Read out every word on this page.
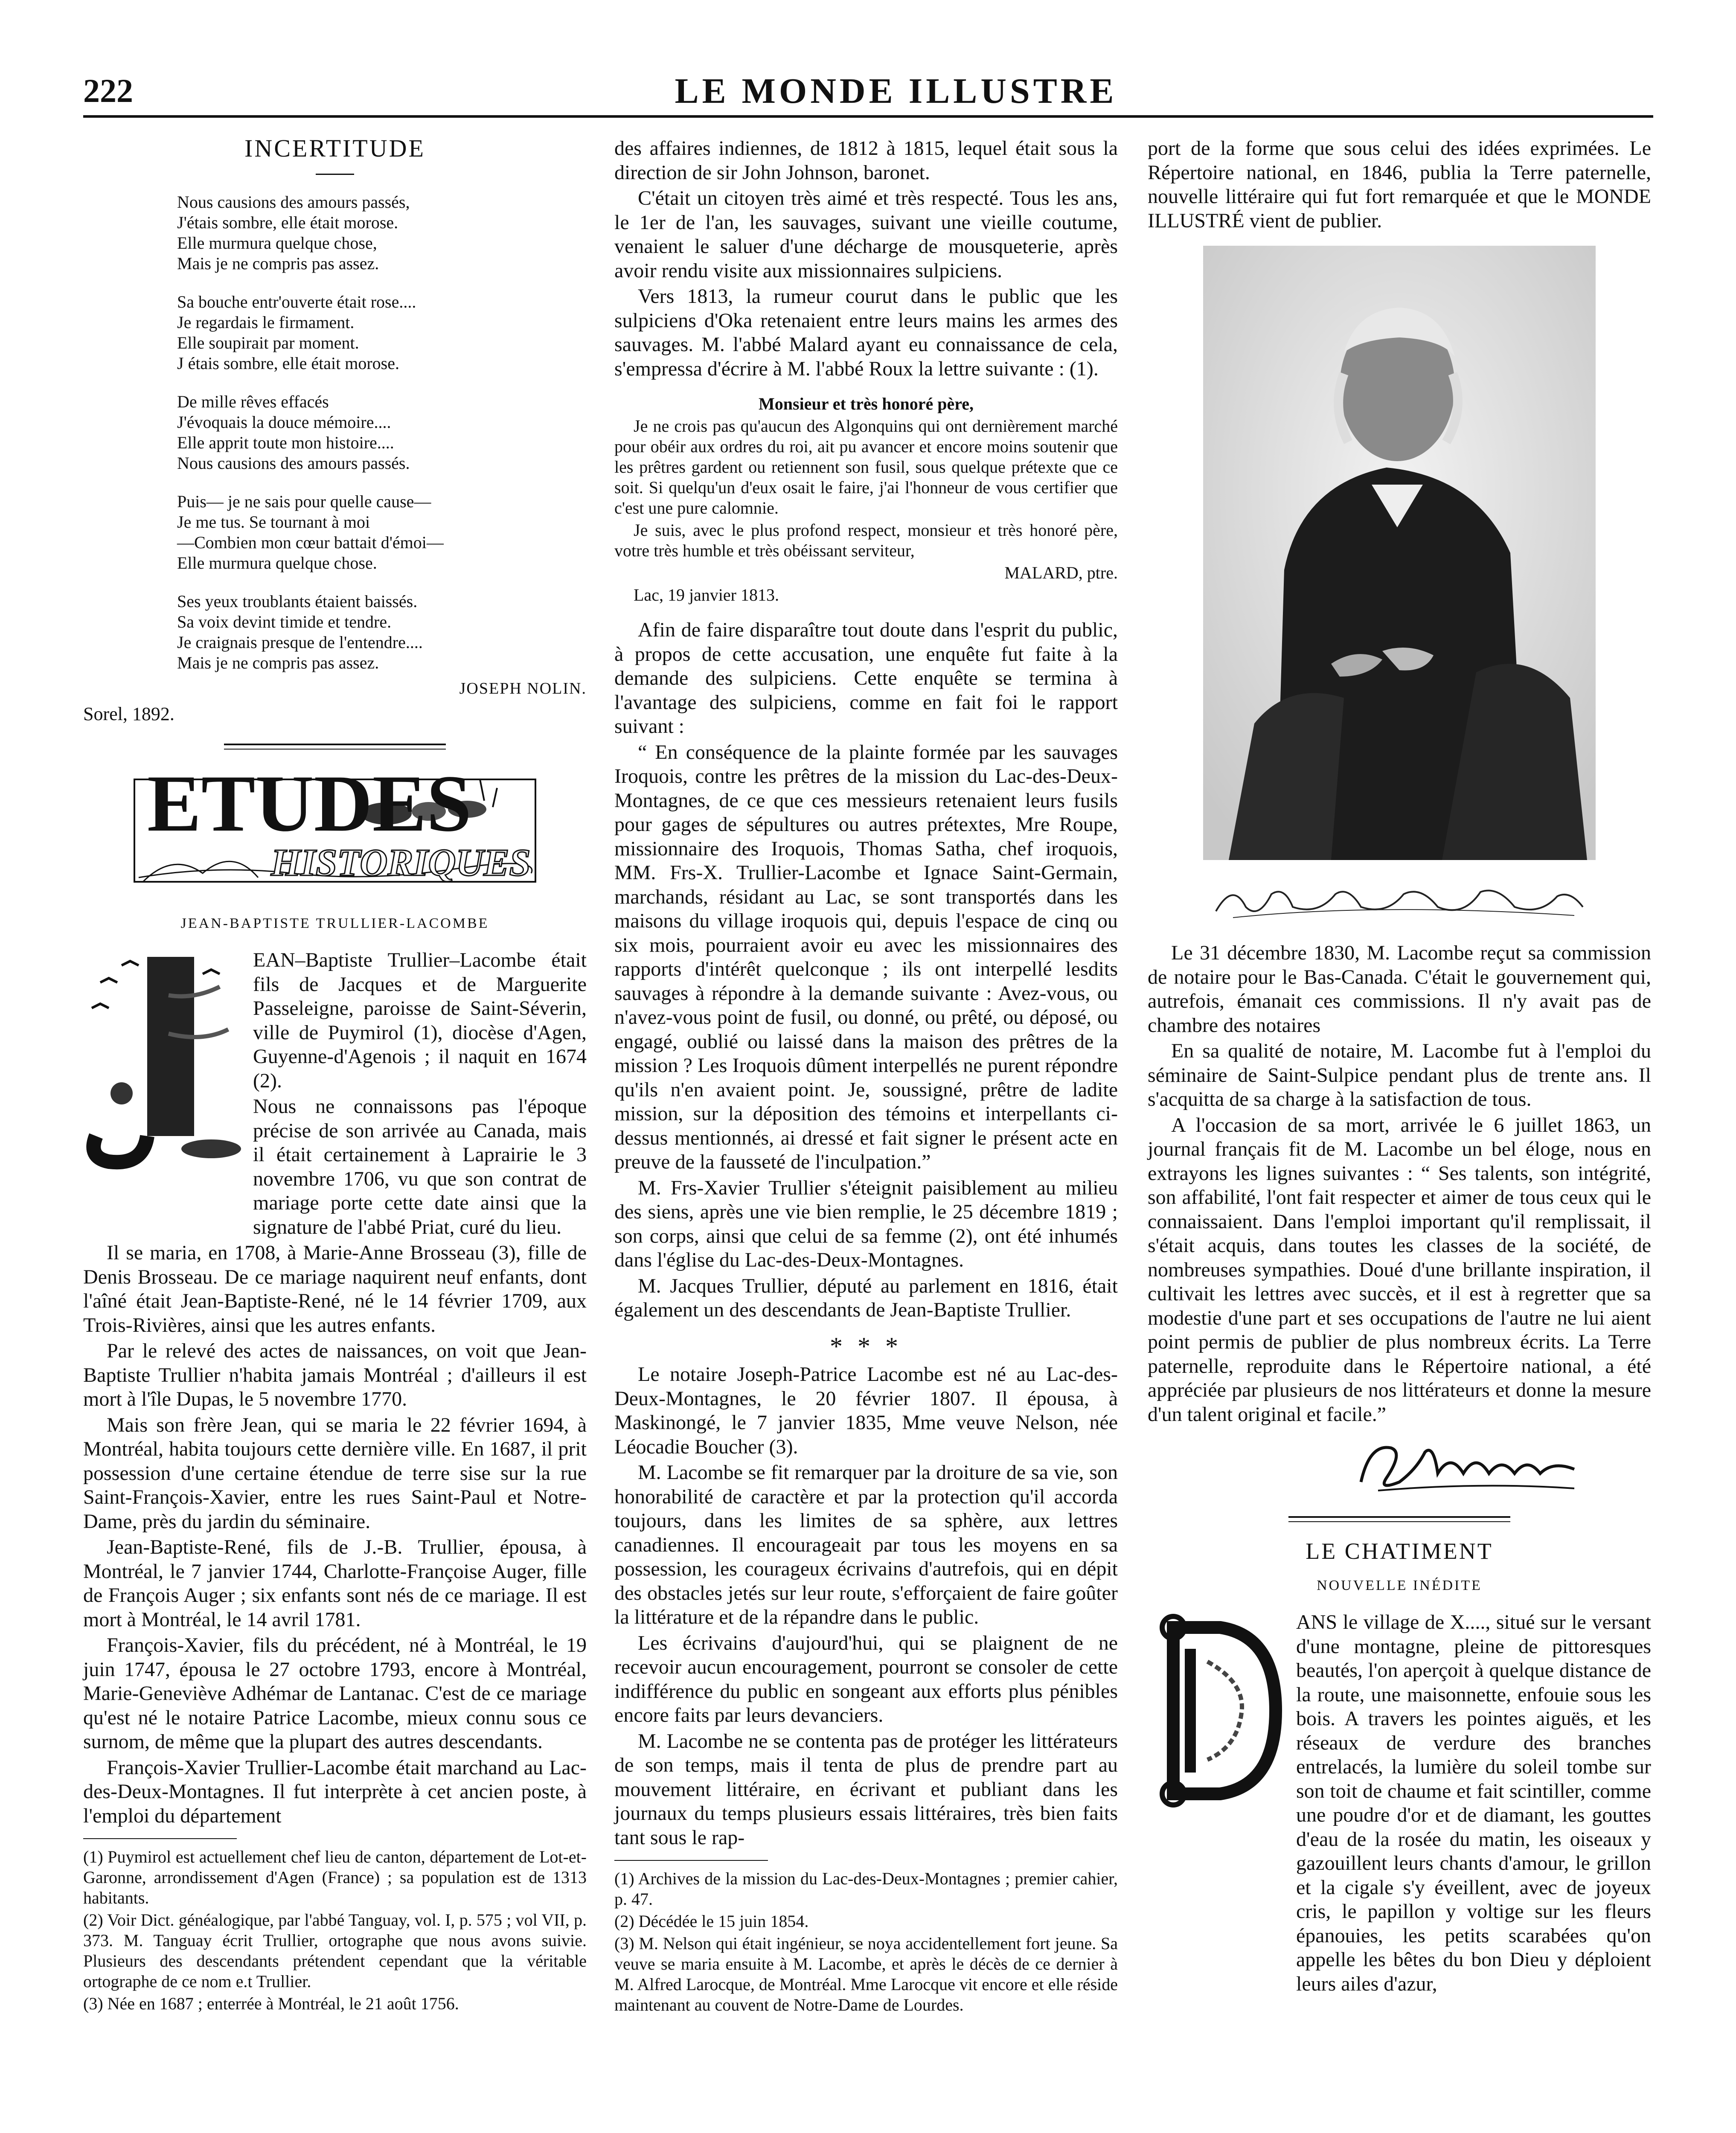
222	LE MONDE ILLUSTRE
INCERTITUDE
Nous causions des amours passés,
J'étais sombre, elle était morose.
Elle murmura quelque chose,
Mais je ne compris pas assez.
Sa bouche entr'ouverte était rose....
Je regardais le firmament.
Elle soupirait par moment.
J étais sombre, elle était morose.
De mille rêves effacés
J'évoquais la douce mémoire....
Elle apprit toute mon histoire....
Nous causions des amours passés.
Puis— je ne sais pour quelle cause—
Je me tus. Se tournant à moi
—Combien mon cœur battait d'émoi—
Elle murmura quelque chose.
Ses yeux troublants étaient baissés.
Sa voix devint timide et tendre.
Je craignais presque de l'entendre....
Mais je ne compris pas assez.
JOSEPH NOLIN.
Sorel, 1892.
ETUDES
HISTORIQUES
JEAN-BAPTISTE TRULLIER-LACOMBE

EAN–Baptiste Trullier–Lacombe était fils de Jacques et de Marguerite Passeleigne, paroisse de Saint-Séverin, ville de Puymirol (1), diocèse d'Agen, Guyenne-d'Agenois ; il naquit en 1674 (2).

Nous ne connaissons pas l'époque précise de son arrivée au Canada, mais il était certainement à Laprairie le 3 novembre 1706, vu que son contrat de mariage porte cette date ainsi que la signature de l'abbé Priat, curé du lieu.

Il se maria, en 1708, à Marie-Anne Brosseau (3), fille de Denis Brosseau. De ce mariage naquirent neuf enfants, dont l'aîné était Jean-Baptiste-René, né le 14 février 1709, aux Trois-Rivières, ainsi que les autres enfants.

Par le relevé des actes de naissances, on voit que Jean-Baptiste Trullier n'habita jamais Montréal ; d'ailleurs il est mort à l'île Dupas, le 5 novembre 1770.

Mais son frère Jean, qui se maria le 22 février 1694, à Montréal, habita toujours cette dernière ville. En 1687, il prit possession d'une certaine étendue de terre sise sur la rue Saint-François-Xavier, entre les rues Saint-Paul et Notre-Dame, près du jardin du séminaire.

Jean-Baptiste-René, fils de J.-B. Trullier, épousa, à Montréal, le 7 janvier 1744, Charlotte-Françoise Auger, fille de François Auger ; six enfants sont nés de ce mariage. Il est mort à Montréal, le 14 avril 1781.

François-Xavier, fils du précédent, né à Montréal, le 19 juin 1747, épousa le 27 octobre 1793, encore à Montréal, Marie-Geneviève Adhémar de Lantanac. C'est de ce mariage qu'est né le notaire Patrice Lacombe, mieux connu sous ce surnom, de même que la plupart des autres descendants.

François-Xavier Trullier-Lacombe était marchand au Lac-des-Deux-Montagnes. Il fut interprète à cet ancien poste, à l'emploi du département

(1) Puymirol est actuellement chef lieu de canton, département de Lot-et-Garonne, arrondissement d'Agen (France) ; sa population est de 1313 habitants.

(2) Voir Dict. généalogique, par l'abbé Tanguay, vol. I, p. 575 ; vol VII, p. 373. M. Tanguay écrit Trullier, ortographe que nous avons suivie. Plusieurs des descendants prétendent cependant que la véritable ortographe de ce nom e.t Trullier.

(3) Née en 1687 ; enterrée à Montréal, le 21 août 1756.

des affaires indiennes, de 1812 à 1815, lequel était sous la direction de sir John Johnson, baronet.

C'était un citoyen très aimé et très respecté. Tous les ans, le 1er de l'an, les sauvages, suivant une vieille coutume, venaient le saluer d'une décharge de mousqueterie, après avoir rendu visite aux missionnaires sulpiciens.

Vers 1813, la rumeur courut dans le public que les sulpiciens d'Oka retenaient entre leurs mains les armes des sauvages. M. l'abbé Malard ayant eu connaissance de cela, s'empressa d'écrire à M. l'abbé Roux la lettre suivante : (1).

Monsieur et très honoré père,

Je ne crois pas qu'aucun des Algonquins qui ont dernièrement marché pour obéir aux ordres du roi, ait pu avancer et encore moins soutenir que les prêtres gardent ou retiennent son fusil, sous quelque prétexte que ce soit. Si quelqu'un d'eux osait le faire, j'ai l'honneur de vous certifier que c'est une pure calomnie.

Je suis, avec le plus profond respect, monsieur et très honoré père, votre très humble et très obéissant serviteur,

MALARD, ptre.

Lac, 19 janvier 1813.

Afin de faire disparaître tout doute dans l'esprit du public, à propos de cette accusation, une enquête fut faite à la demande des sulpiciens. Cette enquête se termina à l'avantage des sulpiciens, comme en fait foi le rapport suivant :

“ En conséquence de la plainte formée par les sauvages Iroquois, contre les prêtres de la mission du Lac-des-Deux-Montagnes, de ce que ces messieurs retenaient leurs fusils pour gages de sépultures ou autres prétextes, Mre Roupe, missionnaire des Iroquois, Thomas Satha, chef iroquois, MM. Frs-X. Trullier-Lacombe et Ignace Saint-Germain, marchands, résidant au Lac, se sont transportés dans les maisons du village iroquois qui, depuis l'espace de cinq ou six mois, pourraient avoir eu avec les missionnaires des rapports d'intérêt quelconque ; ils ont interpellé lesdits sauvages à répondre à la demande suivante : Avez-vous, ou n'avez-vous point de fusil, ou donné, ou prêté, ou déposé, ou engagé, oublié ou laissé dans la maison des prêtres de la mission ? Les Iroquois dûment interpellés ne purent répondre qu'ils n'en avaient point. Je, soussigné, prêtre de ladite mission, sur la déposition des témoins et interpellants ci-dessus mentionnés, ai dressé et fait signer le présent acte en preuve de la fausseté de l'inculpation.”

M. Frs-Xavier Trullier s'éteignit paisiblement au milieu des siens, après une vie bien remplie, le 25 décembre 1819 ; son corps, ainsi que celui de sa femme (2), ont été inhumés dans l'église du Lac-des-Deux-Montagnes.

M. Jacques Trullier, député au parlement en 1816, était également un des descendants de Jean-Baptiste Trullier.

* * *

Le notaire Joseph-Patrice Lacombe est né au Lac-des-Deux-Montagnes, le 20 février 1807. Il épousa, à Maskinongé, le 7 janvier 1835, Mme veuve Nelson, née Léocadie Boucher (3).

M. Lacombe se fit remarquer par la droiture de sa vie, son honorabilité de caractère et par la protection qu'il accorda toujours, dans les limites de sa sphère, aux lettres canadiennes. Il encourageait par tous les moyens en sa possession, les courageux écrivains d'autrefois, qui en dépit des obstacles jetés sur leur route, s'efforçaient de faire goûter la littérature et de la répandre dans le public.

Les écrivains d'aujourd'hui, qui se plaignent de ne recevoir aucun encouragement, pourront se consoler de cette indifférence du public en songeant aux efforts plus pénibles encore faits par leurs devanciers.

M. Lacombe ne se contenta pas de protéger les littérateurs de son temps, mais il tenta de plus de prendre part au mouvement littéraire, en écrivant et publiant dans les journaux du temps plusieurs essais littéraires, très bien faits tant sous le rap-

(1) Archives de la mission du Lac-des-Deux-Montagnes ; premier cahier, p. 47.

(2) Décédée le 15 juin 1854.

(3) M. Nelson qui était ingénieur, se noya accidentellement fort jeune. Sa veuve se maria ensuite à M. Lacombe, et après le décès de ce dernier à M. Alfred Larocque, de Montréal. Mme Larocque vit encore et elle réside maintenant au couvent de Notre-Dame de Lourdes.

port de la forme que sous celui des idées exprimées. Le Répertoire national, en 1846, publia la Terre paternelle, nouvelle littéraire qui fut fort remarquée et que le MONDE ILLUSTRÉ vient de publier.

Le 31 décembre 1830, M. Lacombe reçut sa commission de notaire pour le Bas-Canada. C'était le gouvernement qui, autrefois, émanait ces commissions. Il n'y avait pas de chambre des notaires

En sa qualité de notaire, M. Lacombe fut à l'emploi du séminaire de Saint-Sulpice pendant plus de trente ans. Il s'acquitta de sa charge à la satisfaction de tous.

A l'occasion de sa mort, arrivée le 6 juillet 1863, un journal français fit de M. Lacombe un bel éloge, nous en extrayons les lignes suivantes : “ Ses talents, son intégrité, son affabilité, l'ont fait respecter et aimer de tous ceux qui le connaissaient. Dans l'emploi important qu'il remplissait, il s'était acquis, dans toutes les classes de la société, de nombreuses sympathies. Doué d'une brillante inspiration, il cultivait les lettres avec succès, et il est à regretter que sa modestie d'une part et ses occupations de l'autre ne lui aient point permis de publier de plus nombreux écrits. La Terre paternelle, reproduite dans le Répertoire national, a été appréciée par plusieurs de nos littérateurs et donne la mesure d'un talent original et facile.”

LE CHATIMENT
NOUVELLE INÉDITE
D

ANS le village de X...., situé sur le versant d'une montagne, pleine de pittoresques beautés, l'on aperçoit à quelque distance de la route, une maisonnette, enfouie sous les bois. A travers les pointes aiguës, et les réseaux de verdure des branches entrelacés, la lumière du soleil tombe sur son toit de chaume et fait scintiller, comme une poudre d'or et de diamant, les gouttes d'eau de la rosée du matin, les oiseaux y gazouillent leurs chants d'amour, le grillon et la cigale s'y éveillent, avec de joyeux cris, le papillon y voltige sur les fleurs épanouies, les petits scarabées qu'on appelle les bêtes du bon Dieu y déploient leurs ailes d'azur,
